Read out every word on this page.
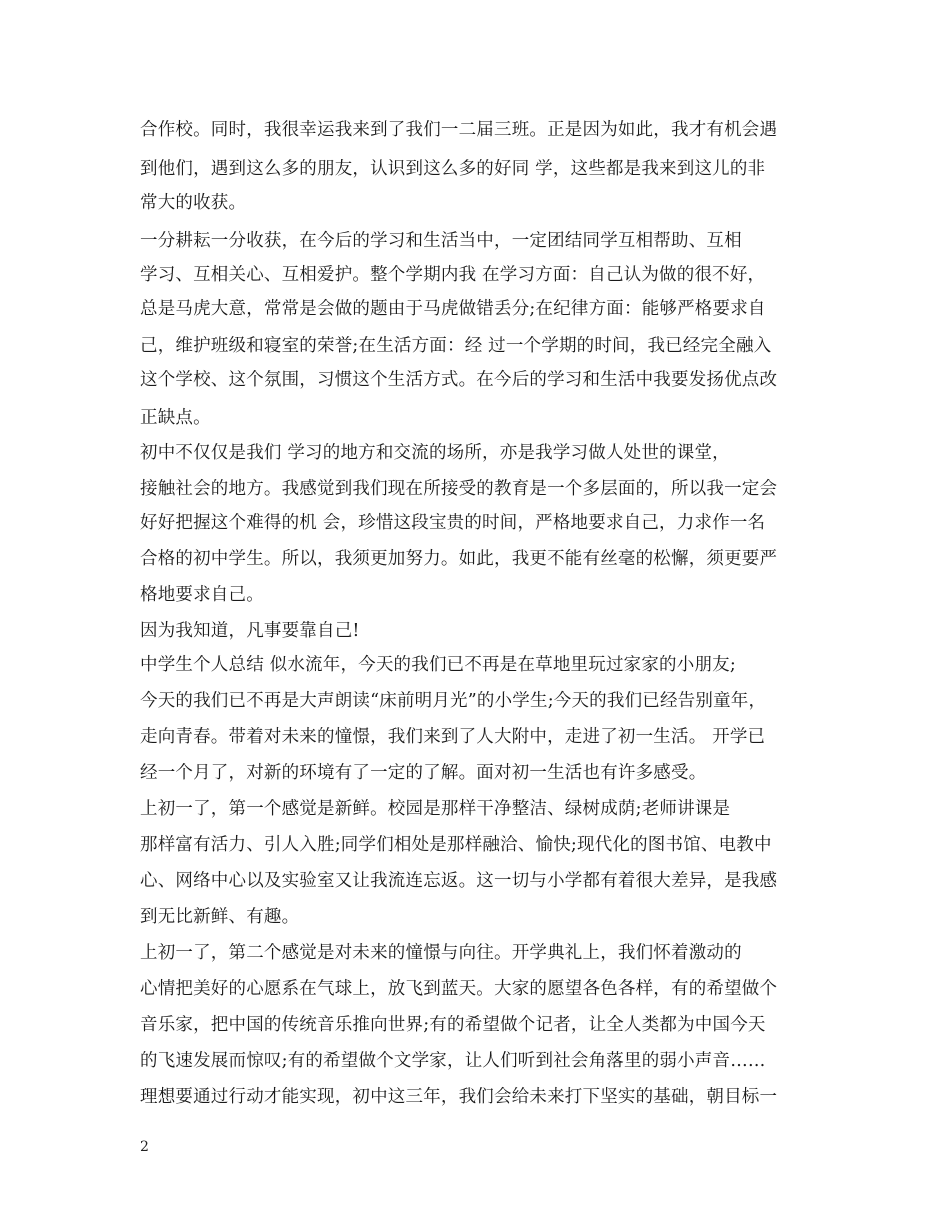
合作校。同时，我很幸运我来到了我们一二届三班。正是因为如此，我才有机会遇
到他们，遇到这么多的朋友，认识到这么多的好同 学，这些都是我来到这儿的非
常大的收获。
一分耕耘一分收获，在今后的学习和生活当中，一定团结同学互相帮助、互相
学习、互相关心、互相爱护。整个学期内我 在学习方面：自己认为做的很不好，
总是马虎大意，常常是会做的题由于马虎做错丢分;在纪律方面：能够严格要求自
己，维护班级和寝室的荣誉;在生活方面：经 过一个学期的时间，我已经完全融入
这个学校、这个氛围，习惯这个生活方式。在今后的学习和生活中我要发扬优点改
正缺点。
初中不仅仅是我们 学习的地方和交流的场所，亦是我学习做人处世的课堂，
接触社会的地方。我感觉到我们现在所接受的教育是一个多层面的，所以我一定会
好好把握这个难得的机 会，珍惜这段宝贵的时间，严格地要求自己，力求作一名
合格的初中学生。所以，我须更加努力。如此，我更不能有丝毫的松懈，须更要严
格地要求自己。
因为我知道，凡事要靠自己!
中学生个人总结 似水流年，今天的我们已不再是在草地里玩过家家的小朋友;
今天的我们已不再是大声朗读“床前明月光”的小学生;今天的我们已经告别童年，
走向青春。带着对未来的憧憬，我们来到了人大附中，走进了初一生活。 开学已
经一个月了，对新的环境有了一定的了解。面对初一生活也有许多感受。
上初一了，第一个感觉是新鲜。校园是那样干净整洁、绿树成荫;老师讲课是
那样富有活力、引人入胜;同学们相处是那样融洽、愉快;现代化的图书馆、电教中
心、网络中心以及实验室又让我流连忘返。这一切与小学都有着很大差异，是我感
到无比新鲜、有趣。
上初一了，第二个感觉是对未来的憧憬与向往。开学典礼上，我们怀着激动的
心情把美好的心愿系在气球上，放飞到蓝天。大家的愿望各色各样，有的希望做个
音乐家，把中国的传统音乐推向世界;有的希望做个记者，让全人类都为中国今天
的飞速发展而惊叹;有的希望做个文学家，让人们听到社会角落里的弱小声音……
理想要通过行动才能实现，初中这三年，我们会给未来打下坚实的基础，朝目标一
2
